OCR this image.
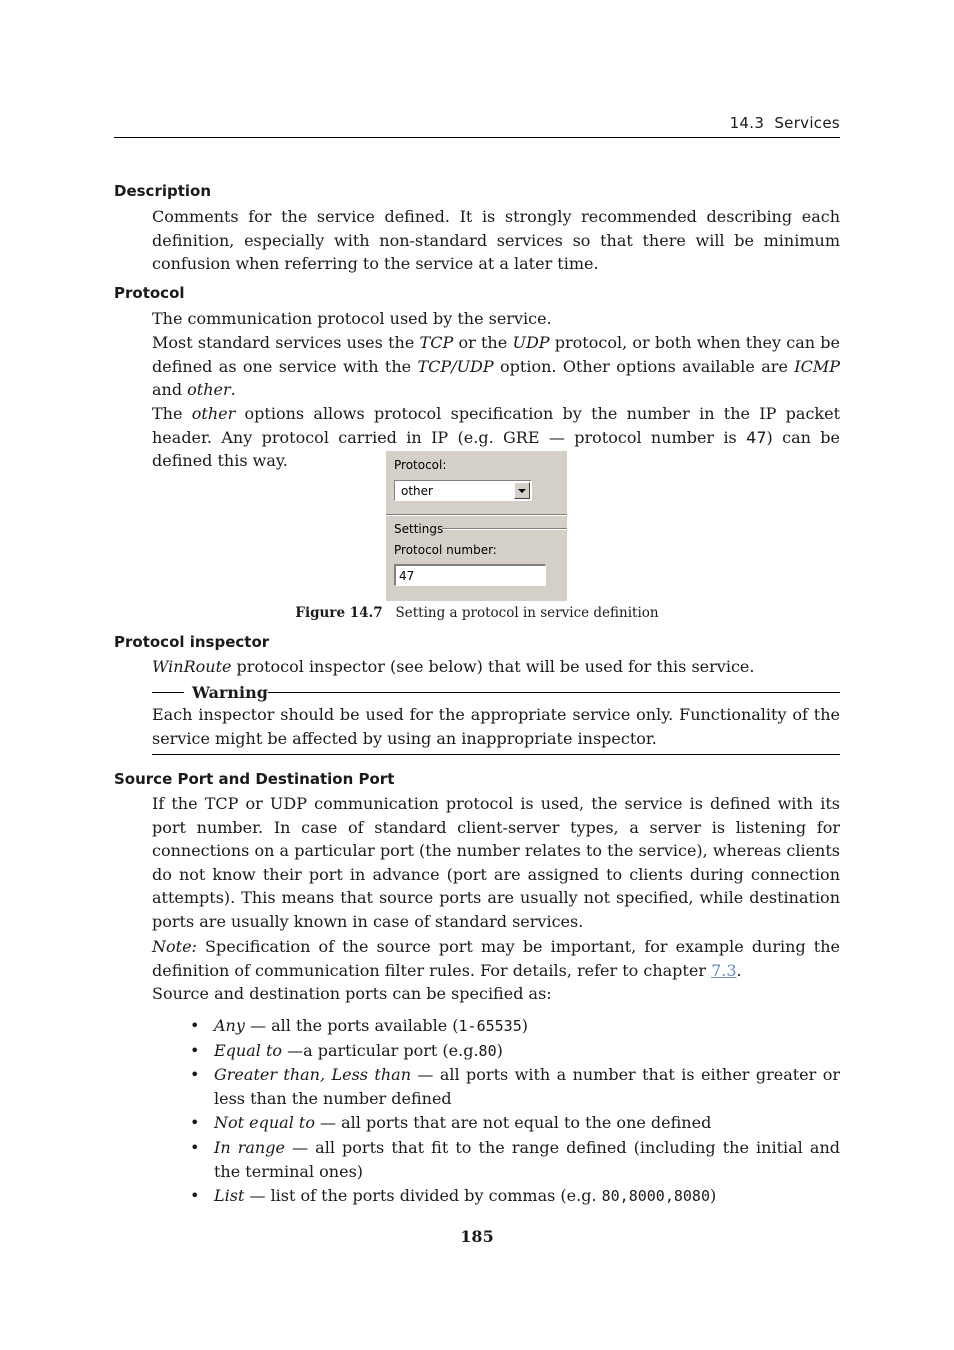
14.3 Services
Description
Comments for the service defined. It is strongly recommended describing each definition, especially with non-standard services so that there will be minimum confusion when referring to the service at a later time.
Protocol
The communication protocol used by the service.
Most standard services uses the TCP or the UDP protocol, or both when they can be defined as one service with the TCP/UDP option. Other options available are ICMP and other.
The other options allows protocol specification by the number in the IP packet header. Any protocol carried in IP (e.g. GRE — protocol number is 47) can be defined this way.	Protocol:
other
Settings
Protocol number:
47
Figure 14.7 Setting a protocol in service definition
Protocol inspector
WinRoute protocol inspector (see below) that will be used for this service.
Warning
Each inspector should be used for the appropriate service only. Functionality of the service might be affected by using an inappropriate inspector.
Source Port and Destination Port
If the TCP or UDP communication protocol is used, the service is defined with its port number. In case of standard client-server types, a server is listening for connections on a particular port (the number relates to the service), whereas clients do not know their port in advance (port are assigned to clients during connection attempts). This means that source ports are usually not specified, while destination ports are usually known in case of standard services.
Note: Specification of the source port may be important, for example during the definition of communication filter rules. For details, refer to chapter 7.3.
Source and destination ports can be specified as:
• Any — all the ports available (1-65535)
• Equal to —a particular port (e.g.80)
• Greater than, Less than — all ports with a number that is either greater or less than the number defined
• Not equal to — all ports that are not equal to the one defined
• In range — all ports that fit to the range defined (including the initial and the terminal ones)
• List — list of the ports divided by commas (e.g. 80,8000,8080)
185
